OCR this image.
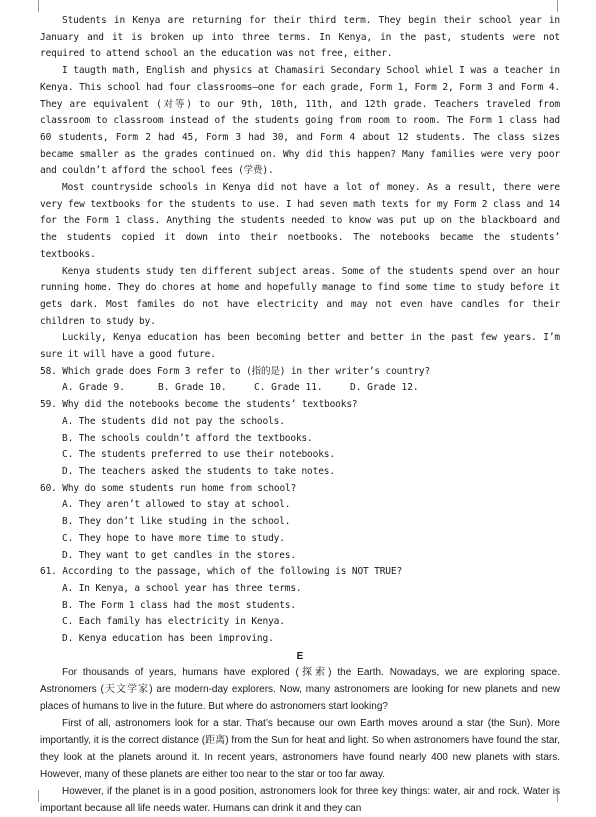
Students in Kenya are returning for their third term. They begin their school year in January and it is broken up into three terms. In Kenya, in the past, students were not required to attend school an the education was not free, either.

I taugth math, English and physics at Chamasiri Secondary School whiel I was a teacher in Kenya. This school had four classrooms—one for each grade, Form 1, Form 2, Form 3 and Form 4. They are equivalent (对等) to our 9th, 10th, 11th, and 12th grade. Teachers traveled from classroom to classroom instead of the students going from room to room. The Form 1 class had 60 students, Form 2 had 45, Form 3 had 30, and Form 4 about 12 students. The class sizes became smaller as the grades continued on. Why did this happen? Many families were very poor and couldn’t afford the school fees (学费).

Most countryside schools in Kenya did not have a lot of money. As a result, there were very few textbooks for the students to use. I had seven math texts for my Form 2 class and 14 for the Form 1 class. Anything the students needed to know was put up on the blackboard and the students copied it down into their noetbooks. The notebooks became the students’ textbooks.

Kenya students study ten different subject areas. Some of the students spend over an hour running home. They do chores at home and hopefully manage to find some time to study before it gets dark. Most familes do not have electricity and may not even have candles for their children to study by.

Luckily, Kenya education has been becoming better and better in the past few years. I’m sure it will have a good future.

58. Which grade does Form 3 refer to (指的是) in ther writer’s country?
A. Grade 9.	B. Grade 10.	C. Grade 11.	D. Grade 12.
59. Why did the notebooks become the students’ textbooks?
A. The students did not pay the schools.
B. The schools couldn’t afford the textbooks.
C. The students preferred to use their notebooks.
D. The teachers asked the students to take notes.
60. Why do some students run home from school?
A. They aren’t allowed to stay at school.
B. They don’t like studing in the school.
C. They hope to have more time to study.
D. They want to get candles in the stores.
61. According to the passage, which of the following is NOT TRUE?
A. In Kenya, a school year has three terms.
B. The Form 1 class had the most students.
C. Each family has electricity in Kenya.
D. Kenya education has been improving.
E

For thousands of years, humans have explored (探索) the Earth. Nowadays, we are exploring space. Astronomers (天文学家) are modern-day explorers. Now, many astronomers are looking for new planets and new places of humans to live in the future. But where do astronomers start looking?

First of all, astronomers look for a star. That’s because our own Earth moves around a star (the Sun). More importantly, it is the correct distance (距离) from the Sun for heat and light. So when astronomers have found the star, they look at the planets around it. In recent years, astronomers have found nearly 400 new planets with stars. However, many of these planets are either too near to the star or too far away.

However, if the planet is in a good position, astronomers look for three key things: water, air and rock. Water is important because all life needs water. Humans can drink it and they can
